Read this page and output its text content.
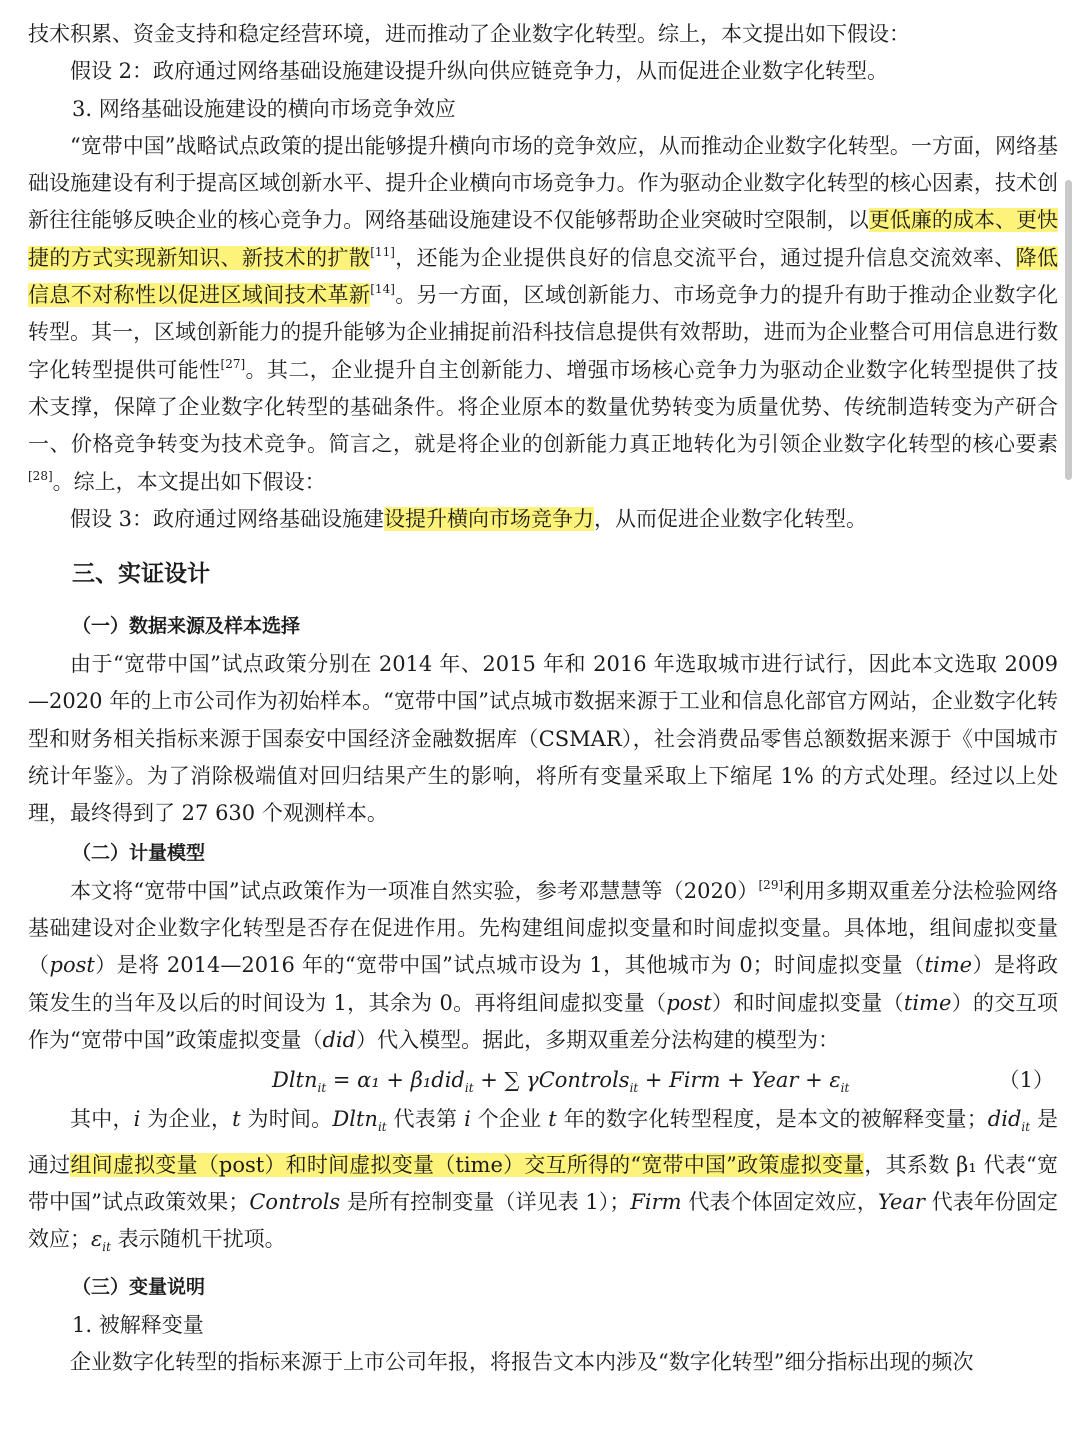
技术积累、资金支持和稳定经营环境，进而推动了企业数字化转型。综上，本文提出如下假设：

假设 2：政府通过网络基础设施建设提升纵向供应链竞争力，从而促进企业数字化转型。

3. 网络基础设施建设的横向市场竞争效应

“宽带中国”战略试点政策的提出能够提升横向市场的竞争效应，从而推动企业数字化转型。一方面，网络基础设施建设有利于提高区域创新水平、提升企业横向市场竞争力。作为驱动企业数字化转型的核心因素，技术创新往往能够反映企业的核心竞争力。网络基础设施建设不仅能够帮助企业突破时空限制，以更低廉的成本、更快捷的方式实现新知识、新技术的扩散[11]，还能为企业提供良好的信息交流平台，通过提升信息交流效率、降低信息不对称性以促进区域间技术革新[14]。另一方面，区域创新能力、市场竞争力的提升有助于推动企业数字化转型。其一，区域创新能力的提升能够为企业捕捉前沿科技信息提供有效帮助，进而为企业整合可用信息进行数字化转型提供可能性[27]。其二，企业提升自主创新能力、增强市场核心竞争力为驱动企业数字化转型提供了技术支撑，保障了企业数字化转型的基础条件。将企业原本的数量优势转变为质量优势、传统制造转变为产研合一、价格竞争转变为技术竞争。简言之，就是将企业的创新能力真正地转化为引领企业数字化转型的核心要素[28]。综上，本文提出如下假设：

假设 3：政府通过网络基础设施建设提升横向市场竞争力，从而促进企业数字化转型。

三、实证设计
（一）数据来源及样本选择

由于“宽带中国”试点政策分别在 2014 年、2015 年和 2016 年选取城市进行试行，因此本文选取 2009—2020 年的上市公司作为初始样本。“宽带中国”试点城市数据来源于工业和信息化部官方网站，企业数字化转型和财务相关指标来源于国泰安中国经济金融数据库（CSMAR），社会消费品零售总额数据来源于《中国城市统计年鉴》。为了消除极端值对回归结果产生的影响，将所有变量采取上下缩尾 1% 的方式处理。经过以上处理，最终得到了 27 630 个观测样本。

（二）计量模型

本文将“宽带中国”试点政策作为一项准自然实验，参考邓慧慧等（2020）[29]利用多期双重差分法检验网络基础建设对企业数字化转型是否存在促进作用。先构建组间虚拟变量和时间虚拟变量。具体地，组间虚拟变量（post）是将 2014—2016 年的“宽带中国”试点城市设为 1，其他城市为 0；时间虚拟变量（time）是将政策发生的当年及以后的时间设为 1，其余为 0。再将组间虚拟变量（post）和时间虚拟变量（time）的交互项作为“宽带中国”政策虚拟变量（did）代入模型。据此，多期双重差分法构建的模型为：

Dltn$_{it}$ = α₁ + β₁did$_{it}$ + ∑ γControls$_{it}$ + Firm + Year + $\varepsilon_{it}$	（1）

其中，i 为企业，t 为时间。Dltn$_{it}$ 代表第 i 个企业 t 年的数字化转型程度，是本文的被解释变量；did$_{it}$ 是通过组间虚拟变量（post）和时间虚拟变量（time）交互所得的“宽带中国”政策虚拟变量，其系数 β₁ 代表“宽带中国”试点政策效果；Controls 是所有控制变量（详见表 1）；Firm 代表个体固定效应，Year 代表年份固定效应；$\varepsilon_{it}$ 表示随机干扰项。

（三）变量说明

1. 被解释变量

企业数字化转型的指标来源于上市公司年报，将报告文本内涉及“数字化转型”细分指标出现的频次
